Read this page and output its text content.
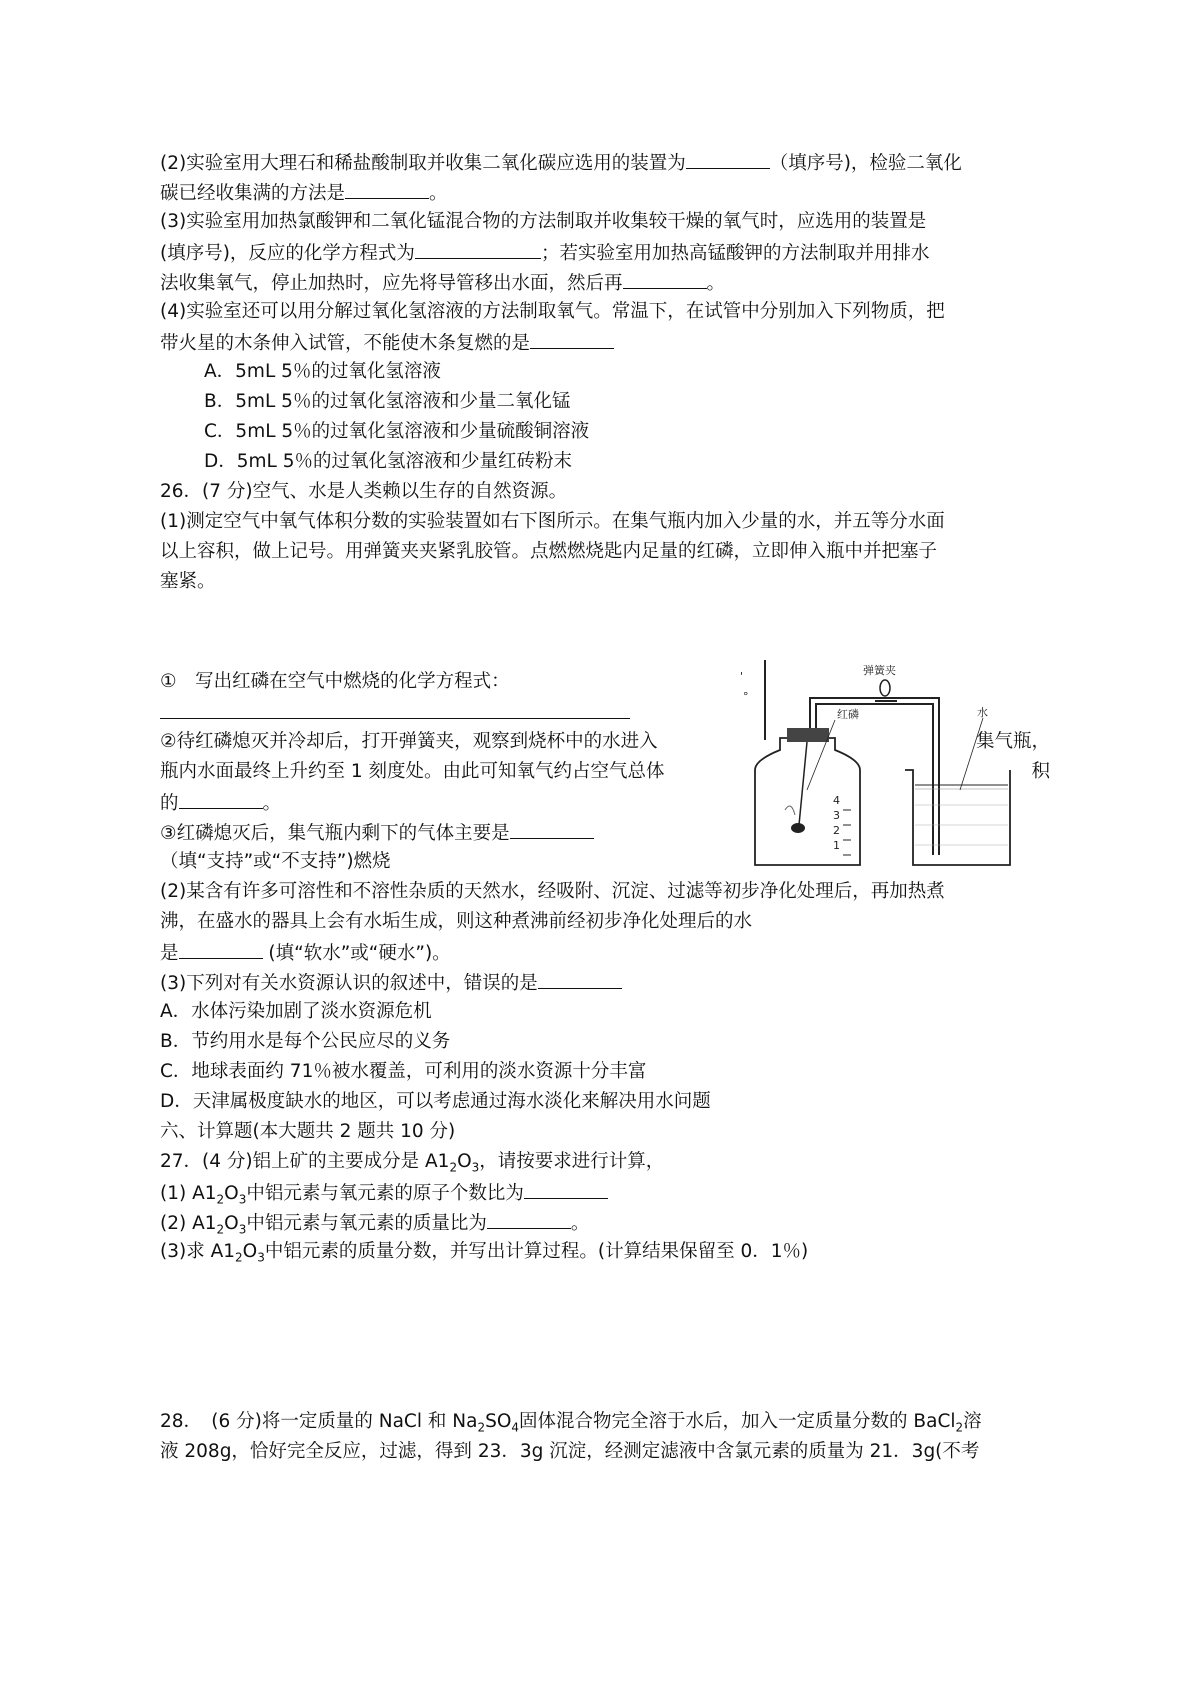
(2)实验室用大理石和稀盐酸制取并收集二氧化碳应选用的装置为	（填序号)，检验二氧化
碳已经收集满的方法是	。
(3)实验室用加热氯酸钾和二氧化锰混合物的方法制取并收集较干燥的氧气时，应选用的装置是
(填序号)，反应的化学方程式为	；若实验室用加热高锰酸钾的方法制取并用排水
法收集氧气，停止加热时，应先将导管移出水面，然后再	。
(4)实验室还可以用分解过氧化氢溶液的方法制取氧气。常温下，在试管中分别加入下列物质，把
带火星的木条伸入试管，不能使木条复燃的是
A．5mL 5％的过氧化氢溶液
B．5mL 5％的过氧化氢溶液和少量二氧化锰
C．5mL 5％的过氧化氢溶液和少量硫酸铜溶液
D．5mL 5％的过氧化氢溶液和少量红砖粉末
26．(7 分)空气、水是人类赖以生存的自然资源。
(1)测定空气中氧气体积分数的实验装置如右下图所示。在集气瓶内加入少量的水，并五等分水面
以上容积，做上记号。用弹簧夹夹紧乳胶管。点燃燃烧匙内足量的红磷，立即伸入瓶中并把塞子
塞紧。
①　写出红磷在空气中燃烧的化学方程式：
②待红磷熄灭并冷却后，打开弹簧夹，观察到烧杯中的水进入	集气瓶，
瓶内水面最终上升约至 1 刻度处。由此可知氧气约占空气总体	积
的	。
③红磷熄灭后，集气瓶内剩下的气体主要是
（填“支持”或“不支持”)燃烧
'
°
4
3
2
1
红磷
弹簧夹
水
(2)某含有许多可溶性和不溶性杂质的天然水，经吸附、沉淀、过滤等初步净化处理后，再加热煮
沸，在盛水的器具上会有水垢生成，则这种煮沸前经初步净化处理后的水
是	(填“软水”或“硬水”)。
(3)下列对有关水资源认识的叙述中，错误的是
A．水体污染加剧了淡水资源危机
B．节约用水是每个公民应尽的义务
C．地球表面约 71％被水覆盖，可利用的淡水资源十分丰富
D．天津属极度缺水的地区，可以考虑通过海水淡化来解决用水问题
六、计算题(本大题共 2 题共 10 分)
27．(4 分)铝上矿的主要成分是 $A1_2O_3$，请按要求进行计算，
(1) $A1_2O_3$中铝元素与氧元素的原子个数比为
(2) $A1_2O_3$中铝元素与氧元素的质量比为	。
(3)求 $A1_2O_3$中铝元素的质量分数，并写出计算过程。(计算结果保留至 0．1％)
28．　(6 分)将一定质量的 NaCl 和 $Na_2SO_4$固体混合物完全溶于水后，加入一定质量分数的 BaCl$_2$溶
液 208g，恰好完全反应，过滤，得到 23．3g 沉淀，经测定滤液中含氯元素的质量为 21．3g(不考
